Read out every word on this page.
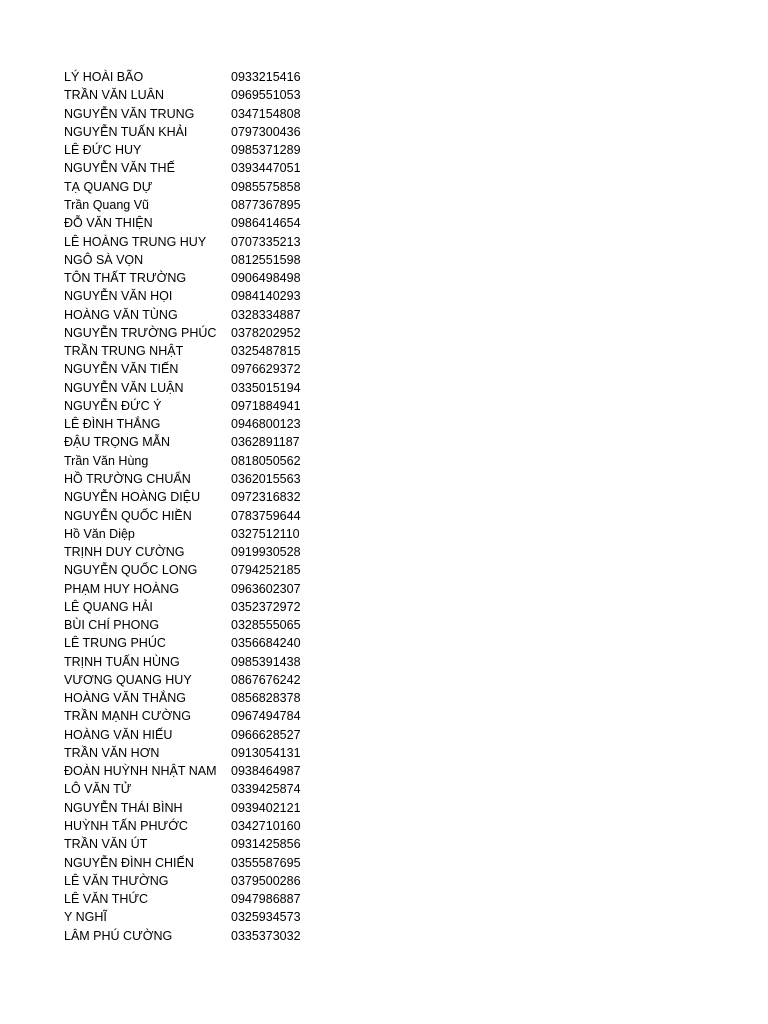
LÝ HOÀI BÃO	0933215416
TRẦN VĂN LUÂN	0969551053
NGUYỄN VĂN TRUNG	0347154808
NGUYỄN TUẤN KHẢI	0797300436
LÊ ĐỨC HUY	0985371289
NGUYỄN VĂN THẾ	0393447051
TẠ QUANG DỰ	0985575858
Trần Quang Vũ	0877367895
ĐỖ VĂN THIỆN	0986414654
LÊ HOÀNG TRUNG HUY	0707335213
NGÔ SÀ VỌN	0812551598
TÔN THẤT TRƯỜNG	0906498498
NGUYỄN VĂN HỌI	0984140293
HOÀNG VĂN TÙNG	0328334887
NGUYỄN TRƯỜNG PHÚC	0378202952
TRẦN TRUNG NHẬT	0325487815
NGUYỄN VĂN TIẾN	0976629372
NGUYỄN VĂN LUẬN	0335015194
NGUYỄN ĐỨC Ý	0971884941
LÊ ĐÌNH THẮNG	0946800123
ĐẬU TRỌNG MẪN	0362891187
Trần Văn Hùng	0818050562
HỒ TRƯỜNG CHUẨN	0362015563
NGUYỄN HOÀNG DIỆU	0972316832
NGUYỄN QUỐC HIỀN	0783759644
Hồ Văn Diệp	0327512110
TRỊNH DUY CƯỜNG	0919930528
NGUYỄN QUỐC LONG	0794252185
PHẠM HUY HOÀNG	0963602307
LÊ QUANG HẢI	0352372972
BÙI CHÍ PHONG	0328555065
LÊ TRUNG PHÚC	0356684240
TRỊNH TUẤN HÙNG	0985391438
VƯƠNG QUANG HUY	0867676242
HOÀNG VĂN THẮNG	0856828378
TRẦN MẠNH CƯỜNG	0967494784
HOÀNG VĂN HIẾU	0966628527
TRẦN VĂN HƠN	0913054131
ĐOÀN HUỲNH NHẬT NAM	0938464987
LÔ VĂN TỬ	0339425874
NGUYỄN THÁI BÌNH	0939402121
HUỲNH TẤN PHƯỚC	0342710160
TRẦN VĂN ÚT	0931425856
NGUYỄN ĐÌNH CHIẾN	0355587695
LÊ VĂN THƯỜNG	0379500286
LÊ VĂN THỨC	0947986887
Y NGHĨ	0325934573
LÂM PHÚ CƯỜNG	0335373032
